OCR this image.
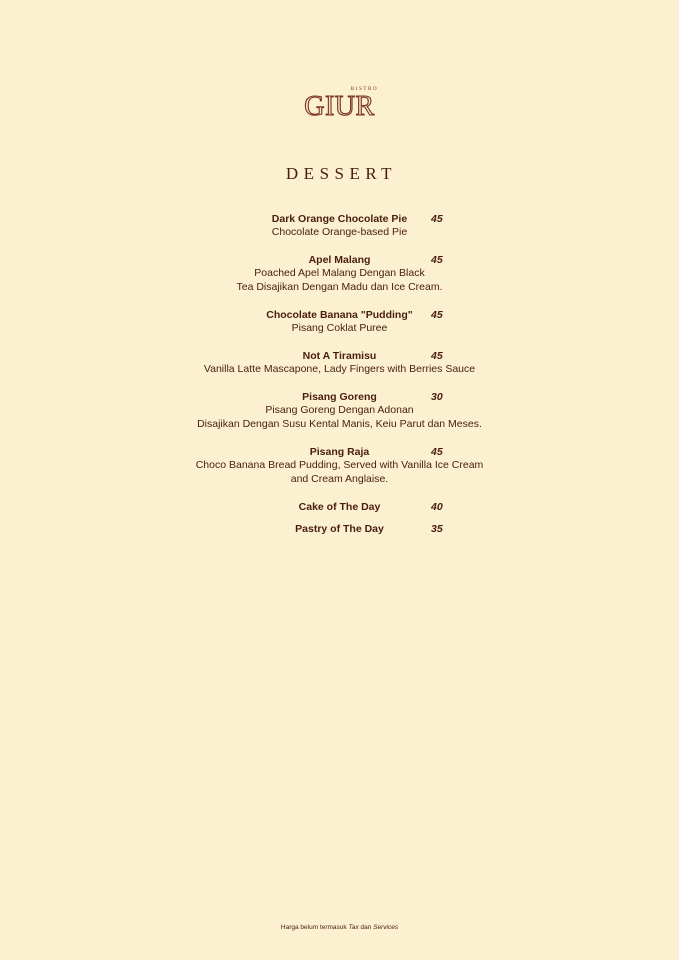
BISTRO
GIUR
DESSERT
Dark Orange Chocolate Pie	45
Chocolate Orange-based Pie
Apel Malang	45
Poached Apel Malang Dengan Black
Tea Disajikan Dengan Madu dan Ice Cream.
Chocolate Banana "Pudding"	45
Pisang Coklat Puree
Not A Tiramisu	45
Vanilla Latte Mascapone, Lady Fingers with Berries Sauce
Pisang Goreng	30
Pisang Goreng Dengan Adonan
Disajikan Dengan Susu Kental Manis, Keiu Parut dan Meses.
Pisang Raja	45
Choco Banana Bread Pudding, Served with Vanilla Ice Cream
and Cream Anglaise.
Cake of The Day	40
Pastry of The Day	35
Harga belum termasuk Tax dan Services
